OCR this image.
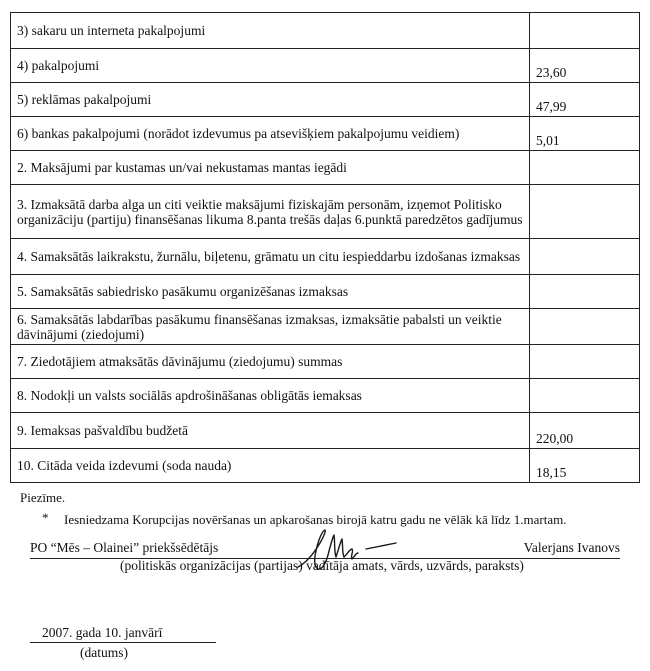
3) sakaru un interneta pakalpojumi	
4) pakalpojumi	23,60
5) reklāmas pakalpojumi	47,99
6) bankas pakalpojumi (norādot izdevumus pa atsevišķiem pakalpojumu veidiem)	5,01
2. Maksājumi par kustamas un/vai nekustamas mantas iegādi	
3. Izmaksātā darba alga un citi veiktie maksājumi fiziskajām personām, izņemot Politisko organizāciju (partiju) finansēšanas likuma 8.panta trešās daļas 6.punktā paredzētos gadījumus	
4. Samaksātās laikrakstu, žurnālu, biļetenu, grāmatu un citu iespieddarbu izdošanas izmaksas	
5. Samaksātās sabiedrisko pasākumu organizēšanas izmaksas	
6. Samaksātās labdarības pasākumu finansēšanas izmaksas, izmaksātie pabalsti un veiktie dāvinājumi (ziedojumi)	
7. Ziedotājiem atmaksātās dāvinājumu (ziedojumu) summas	
8. Nodokļi un valsts sociālās apdrošināšanas obligātās iemaksas	
9. Iemaksas pašvaldību budžetā	220,00
10. Citāda veida izdevumi (soda nauda)	18,15
Piezīme.
* Iesniedzama Korupcijas novēršanas un apkarošanas birojā katru gadu ne vēlāk kā līdz 1.martam.
PO “Mēs – Olainei” priekšsēdētājs	Valerjans Ivanovs
(politiskās organizācijas (partijas) vadītāja amats, vārds, uzvārds, paraksts)
2007. gada 10. janvārī
(datums)
